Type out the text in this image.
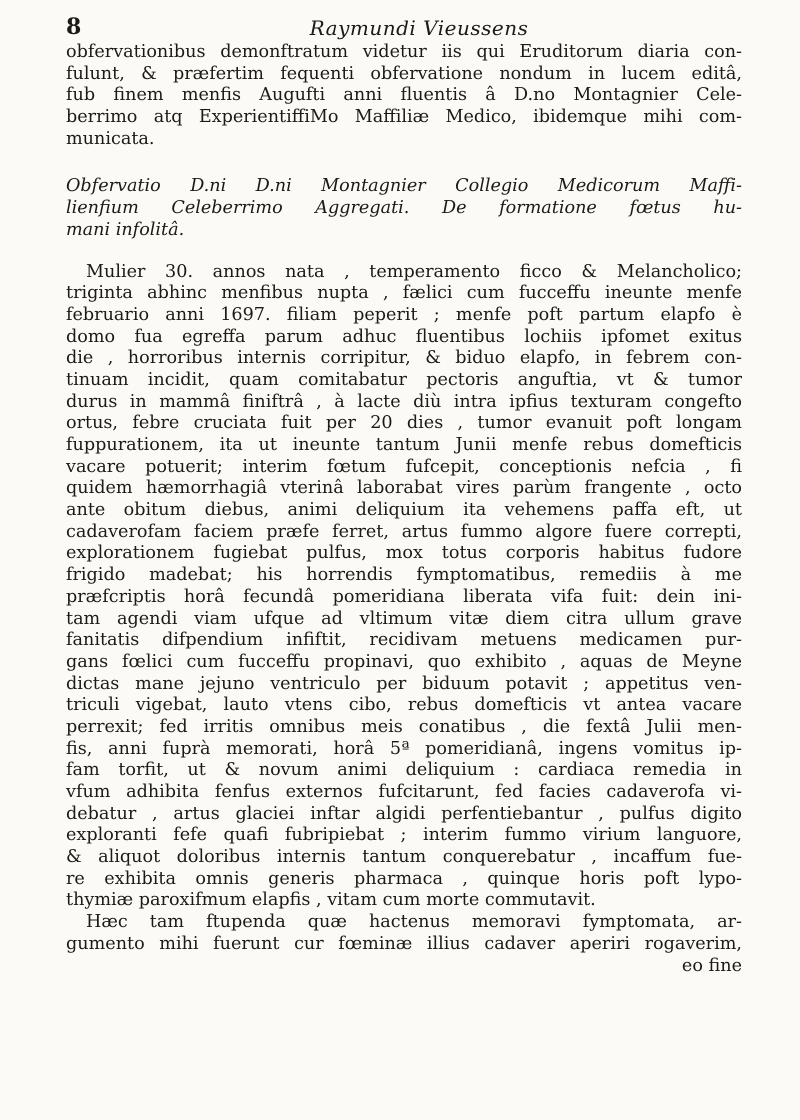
8	Raymundi Vieussens
obfervationibus demonftratum videtur iis qui Eruditorum diaria con-
fulunt, & præfertim fequenti obfervatione nondum in lucem editâ,
fub finem menfis Augufti anni fluentis â D.no Montagnier Cele-
berrimo atq ExperientiffiMo Maffiliæ Medico, ibidemque mihi com-
municata.
Obfervatio D.ni D.ni Montagnier Collegio Medicorum Maffi-
lienfium Celeberrimo Aggregati. De formatione fœtus hu-
mani infolitâ.
Mulier 30. annos nata , temperamento ficco & Melancholico;
triginta abhinc menfibus nupta , fælici cum fucceffu ineunte menfe
februario anni 1697. filiam peperit ; menfe poft partum elapfo è
domo fua egreffa parum adhuc fluentibus lochiis ipfomet exitus
die , horroribus internis corripitur, & biduo elapfo, in febrem con-
tinuam incidit, quam comitabatur pectoris anguftia, vt & tumor
durus in mammâ finiftrâ , à lacte diù intra ipfius texturam congefto
ortus, febre cruciata fuit per 20 dies , tumor evanuit poft longam
fuppurationem, ita ut ineunte tantum Junii menfe rebus domefticis
vacare potuerit; interim fœtum fufcepit, conceptionis nefcia , fi
quidem hæmorrhagiâ vterinâ laborabat vires parùm frangente , octo
ante obitum diebus, animi deliquium ita vehemens paffa eft, ut
cadaverofam faciem præfe ferret, artus fummo algore fuere correpti,
explorationem fugiebat pulfus, mox totus corporis habitus fudore
frigido madebat; his horrendis fymptomatibus, remediis à me
præfcriptis horâ fecundâ pomeridiana liberata vifa fuit: dein ini-
tam agendi viam ufque ad vltimum vitæ diem citra ullum grave
fanitatis difpendium infiftit, recidivam metuens medicamen pur-
gans fœlici cum fucceffu propinavi, quo exhibito , aquas de Meyne
dictas mane jejuno ventriculo per biduum potavit ; appetitus ven-
triculi vigebat, lauto vtens cibo, rebus domefticis vt antea vacare
perrexit; fed irritis omnibus meis conatibus , die fextâ Julii men-
fis, anni fuprà memorati, horâ 5ª pomeridianâ, ingens vomitus ip-
fam torfit, ut & novum animi deliquium : cardiaca remedia in
vfum adhibita fenfus externos fufcitarunt, fed facies cadaverofa vi-
debatur , artus glaciei inftar algidi perfentiebantur , pulfus digito
exploranti fefe quafi fubripiebat ; interim fummo virium languore,
& aliquot doloribus internis tantum conquerebatur , incaffum fue-
re exhibita omnis generis pharmaca , quinque horis poft lypo-
thymiæ paroxifmum elapfis , vitam cum morte commutavit.
Hæc tam ftupenda quæ hactenus memoravi fymptomata, ar-
gumento mihi fuerunt cur fœminæ illius cadaver aperiri rogaverim,
eo fine
